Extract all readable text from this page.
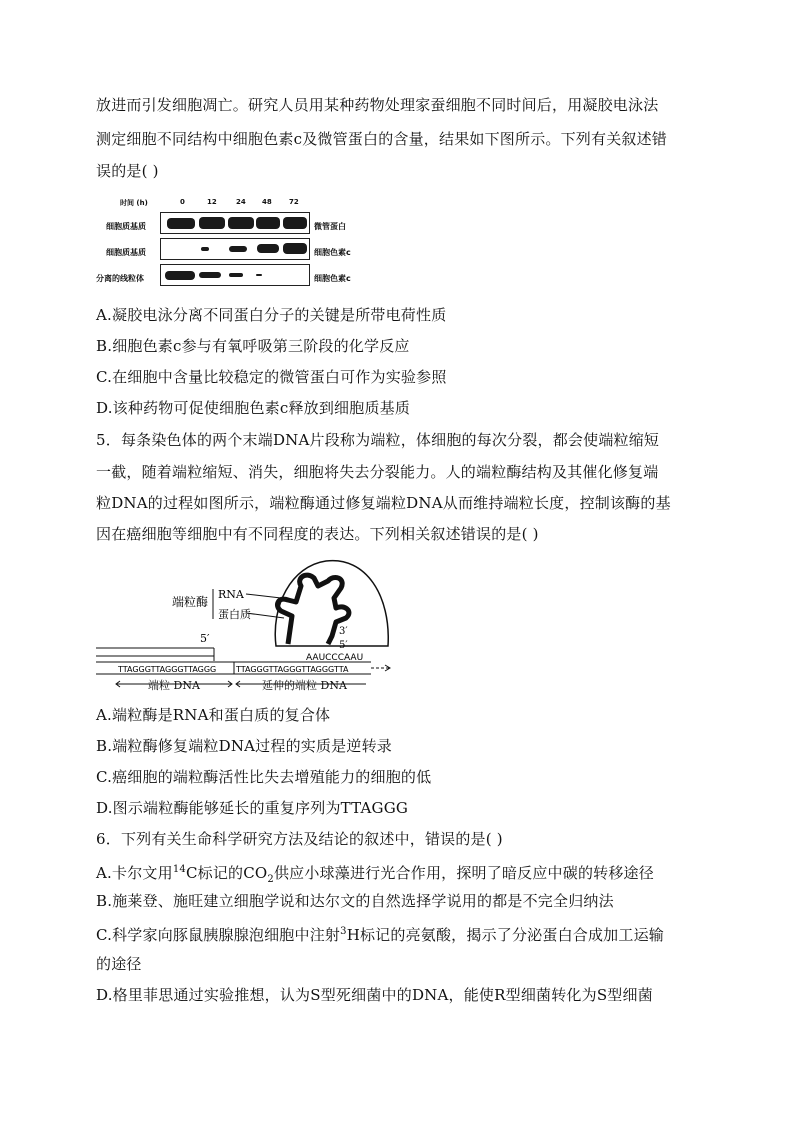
放进而引发细胞凋亡。研究人员用某种药物处理家蚕细胞不同时间后，用凝胶电泳法
测定细胞不同结构中细胞色素c及微管蛋白的含量，结果如下图所示。下列有关叙述错
误的是( )
时间 (h)	0	12	24 48 72
细胞质基质	微管蛋白
细胞质基质	细胞色素c
分离的线粒体	细胞色素c
A.凝胶电泳分离不同蛋白分子的关键是所带电荷性质
B.细胞色素c参与有氧呼吸第三阶段的化学反应
C.在细胞中含量比较稳定的微管蛋白可作为实验参照
D.该种药物可促使细胞色素c释放到细胞质基质
5．每条染色体的两个末端DNA片段称为端粒，体细胞的每次分裂，都会使端粒缩短
一截，随着端粒缩短、消失，细胞将失去分裂能力。人的端粒酶结构及其催化修复端
粒DNA的过程如图所示，端粒酶通过修复端粒DNA从而维持端粒长度，控制该酶的基
因在癌细胞等细胞中有不同程度的表达。下列相关叙述错误的是( )
端粒酶
RNA
蛋白质
3′
5′
AAUCCCAAU
5′
TTAGGGTTAGGGTTAGGG TTAGGGTTAGGGTTAGGGTTA
端粒 DNA	延伸的端粒 DNA
A.端粒酶是RNA和蛋白质的复合体
B.端粒酶修复端粒DNA过程的实质是逆转录
C.癌细胞的端粒酶活性比失去增殖能力的细胞的低
D.图示端粒酶能够延长的重复序列为TTAGGG
6．下列有关生命科学研究方法及结论的叙述中，错误的是( )
A.卡尔文用$^{14}$C标记的$CO_2$供应小球藻进行光合作用，探明了暗反应中碳的转移途径
B.施莱登、施旺建立细胞学说和达尔文的自然选择学说用的都是不完全归纳法
C.科学家向豚鼠胰腺腺泡细胞中注射$^3$H标记的亮氨酸，揭示了分泌蛋白合成加工运输
的途径
D.格里菲思通过实验推想，认为S型死细菌中的DNA，能使R型细菌转化为S型细菌
